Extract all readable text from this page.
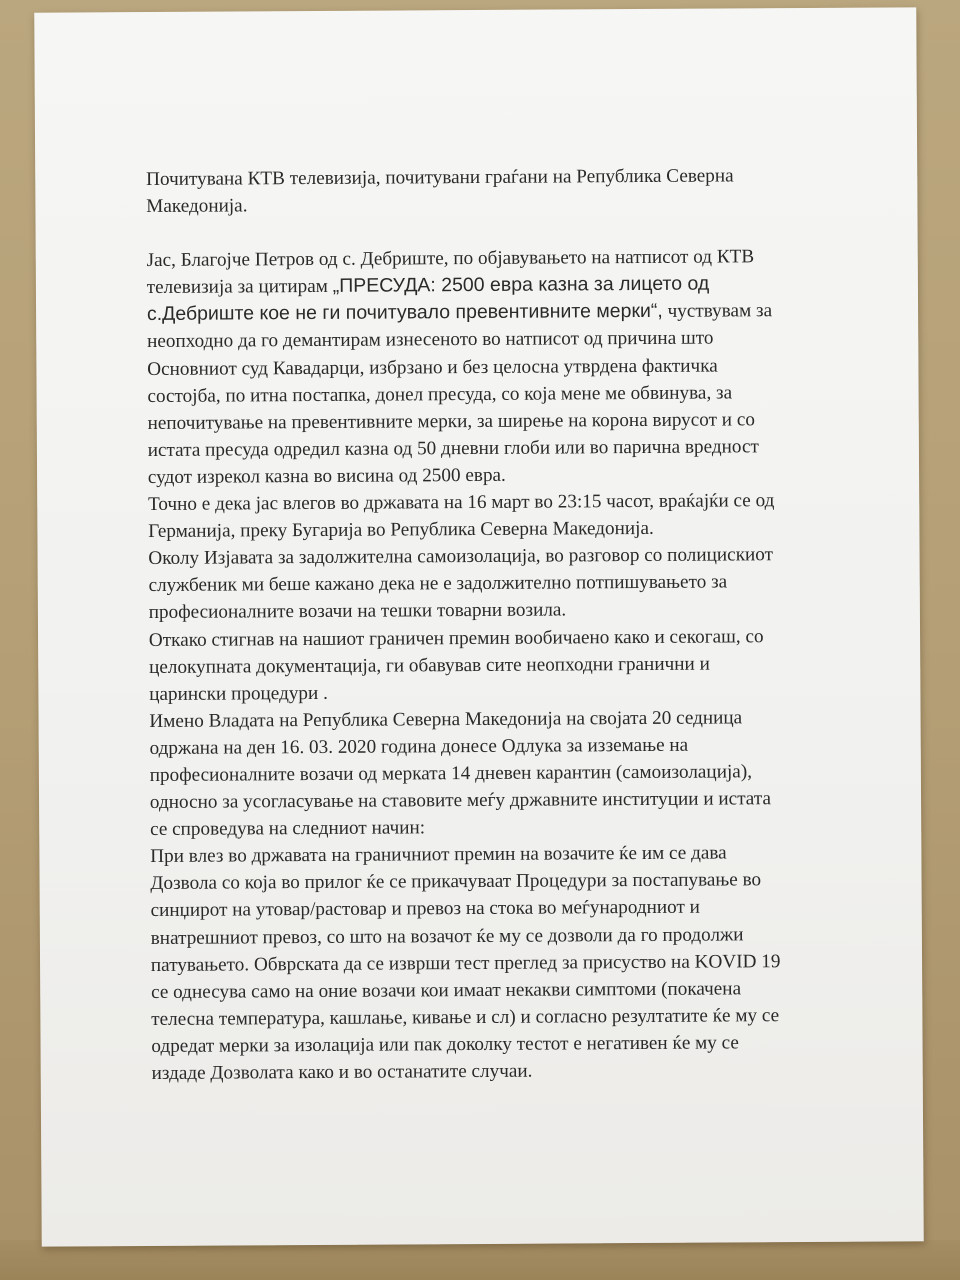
Почитувана КТВ телевизија, почитувани граѓани на Република Северна

Македонија.

Јас, Благојче Петров од с. Дебриште, по објавувањето на натписот од КТВ

телевизија за цитирам „ПРЕСУДА: 2500 евра казна за лицето од

с.Дебриште кое не ги почитувало превентивните мерки“, чуствувам за

неопходно да го демантирам изнесеното во натписот од причина што

Основниот суд Кавадарци, избрзано и без целосна утврдена фактичка

состојба, по итна постапка, донел пресуда, со која мене ме обвинува, за

непочитување на превентивните мерки, за ширење на корона вирусот и со

истата пресуда одредил казна од 50 дневни глоби или во парична вредност

судот изрекол казна во висина од 2500 евра.

Точно е дека јас влегов во државата на 16 март во 23:15 часот, враќајќи се од

Германија, преку Бугарија во Република Северна Македонија.

Околу Изјавата за задолжителна самоизолација, во разговор со полицискиот

службеник ми беше кажано дека не е задолжително потпишувањето за

професионалните возачи на тешки товарни возила.

Откако стигнав на нашиот граничен премин вообичаено како и секогаш, со

целокупната документација, ги обавував сите неопходни гранични и

царински процедури .

Имено Владата на Република Северна Македонија на својата 20 седница

одржана на ден 16. 03. 2020 година донесе Одлука за изземање на

професионалните возачи од мерката 14 дневен карантин (самоизолација),

односно за усогласување на ставовите меѓу државните институции и истата

се спроведува на следниот начин:

При влез во државата на граничниот премин на возачите ќе им се дава

Дозвола со која во прилог ќе се прикачуваат Процедури за постапување во

синџирот на утовар/растовар и превоз на стока во меѓународниот и

внатрешниот превоз, со што на возачот ќе му се дозволи да го продолжи

патувањето. Обврската да се изврши тест преглед за присуство на KOVID 19

се однесува само на оние возачи кои имаат некакви симптоми (покачена

телесна температура, кашлање, кивање и сл) и согласно резултатите ќе му се

одредат мерки за изолација или пак доколку тестот е негативен ќе му се

издаде Дозволата како и во останатите случаи.
